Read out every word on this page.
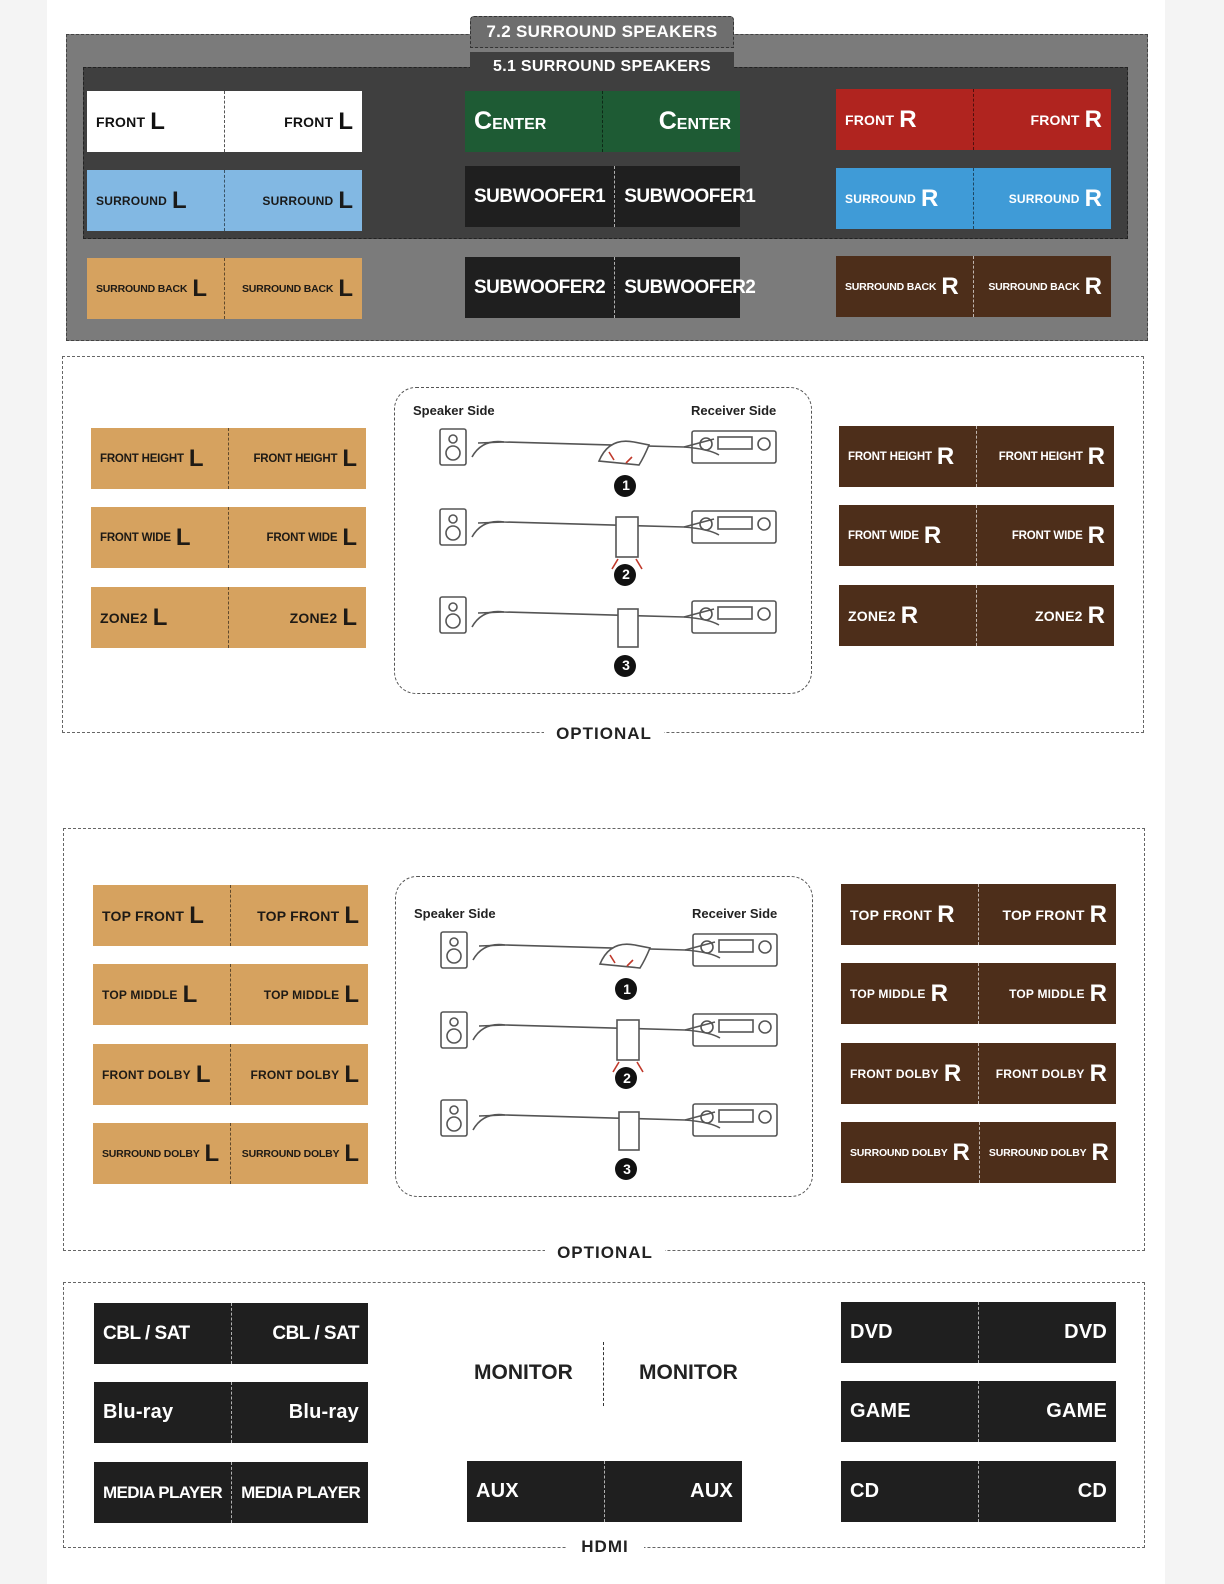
7.2 SURROUND SPEAKERS
5.1 SURROUND SPEAKERS
FRONT L	FRONT L	CENTER	CENTER	FRONT R	FRONT R
SURROUND L	SURROUND L	SUBWOOFER1 SUBWOOFER1	SURROUND R	SURROUND R
SURROUND BACK L	SURROUND BACK L	SUBWOOFER2 SUBWOOFER2	SURROUND BACK R	SURROUND BACK R
OPTIONAL
FRONT HEIGHT L	FRONT HEIGHT L
FRONT WIDE L	FRONT WIDE L
ZONE2 L	ZONE2 L
FRONT HEIGHT R	FRONT HEIGHT R
FRONT WIDE R	FRONT WIDE R
ZONE2 R	ZONE2 R
Speaker Side	Receiver Side
1
2
3
OPTIONAL
TOP FRONT L	TOP FRONT L
TOP MIDDLE L	TOP MIDDLE L
FRONT DOLBY L	FRONT DOLBY L
SURROUND DOLBY L SURROUND DOLBY L
TOP FRONT R	TOP FRONT R
TOP MIDDLE R	TOP MIDDLE R
FRONT DOLBY R	FRONT DOLBY R
SURROUND DOLBY R SURROUND DOLBY R
Speaker Side	Receiver Side
1
2
3
HDMI
CBL / SAT	CBL / SAT
Blu-ray	Blu-ray
MEDIA PLAYER MEDIA PLAYER
MONITOR	MONITOR
AUX	AUX
DVD	DVD
GAME	GAME
CD	CD
